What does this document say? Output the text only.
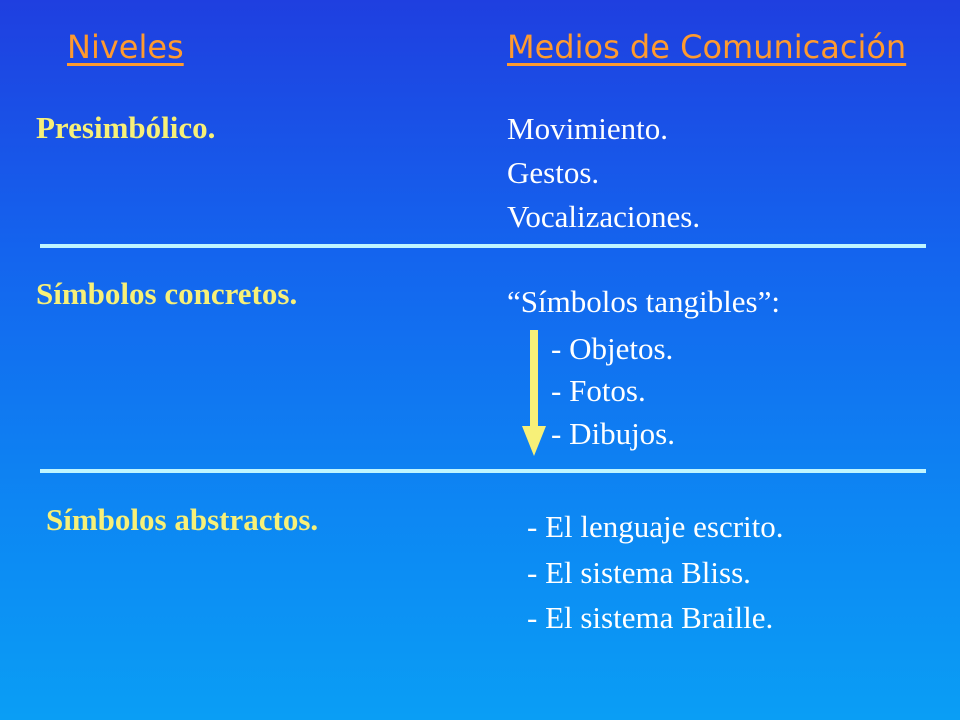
Niveles	Medios de Comunicación
Presimbólico.	Movimiento.
Gestos.
Vocalizaciones.
Símbolos concretos.	“Símbolos tangibles”:
- Objetos.
- Fotos.
- Dibujos.
Símbolos abstractos.	- El lenguaje escrito.
- El sistema Bliss.
- El sistema Braille.
